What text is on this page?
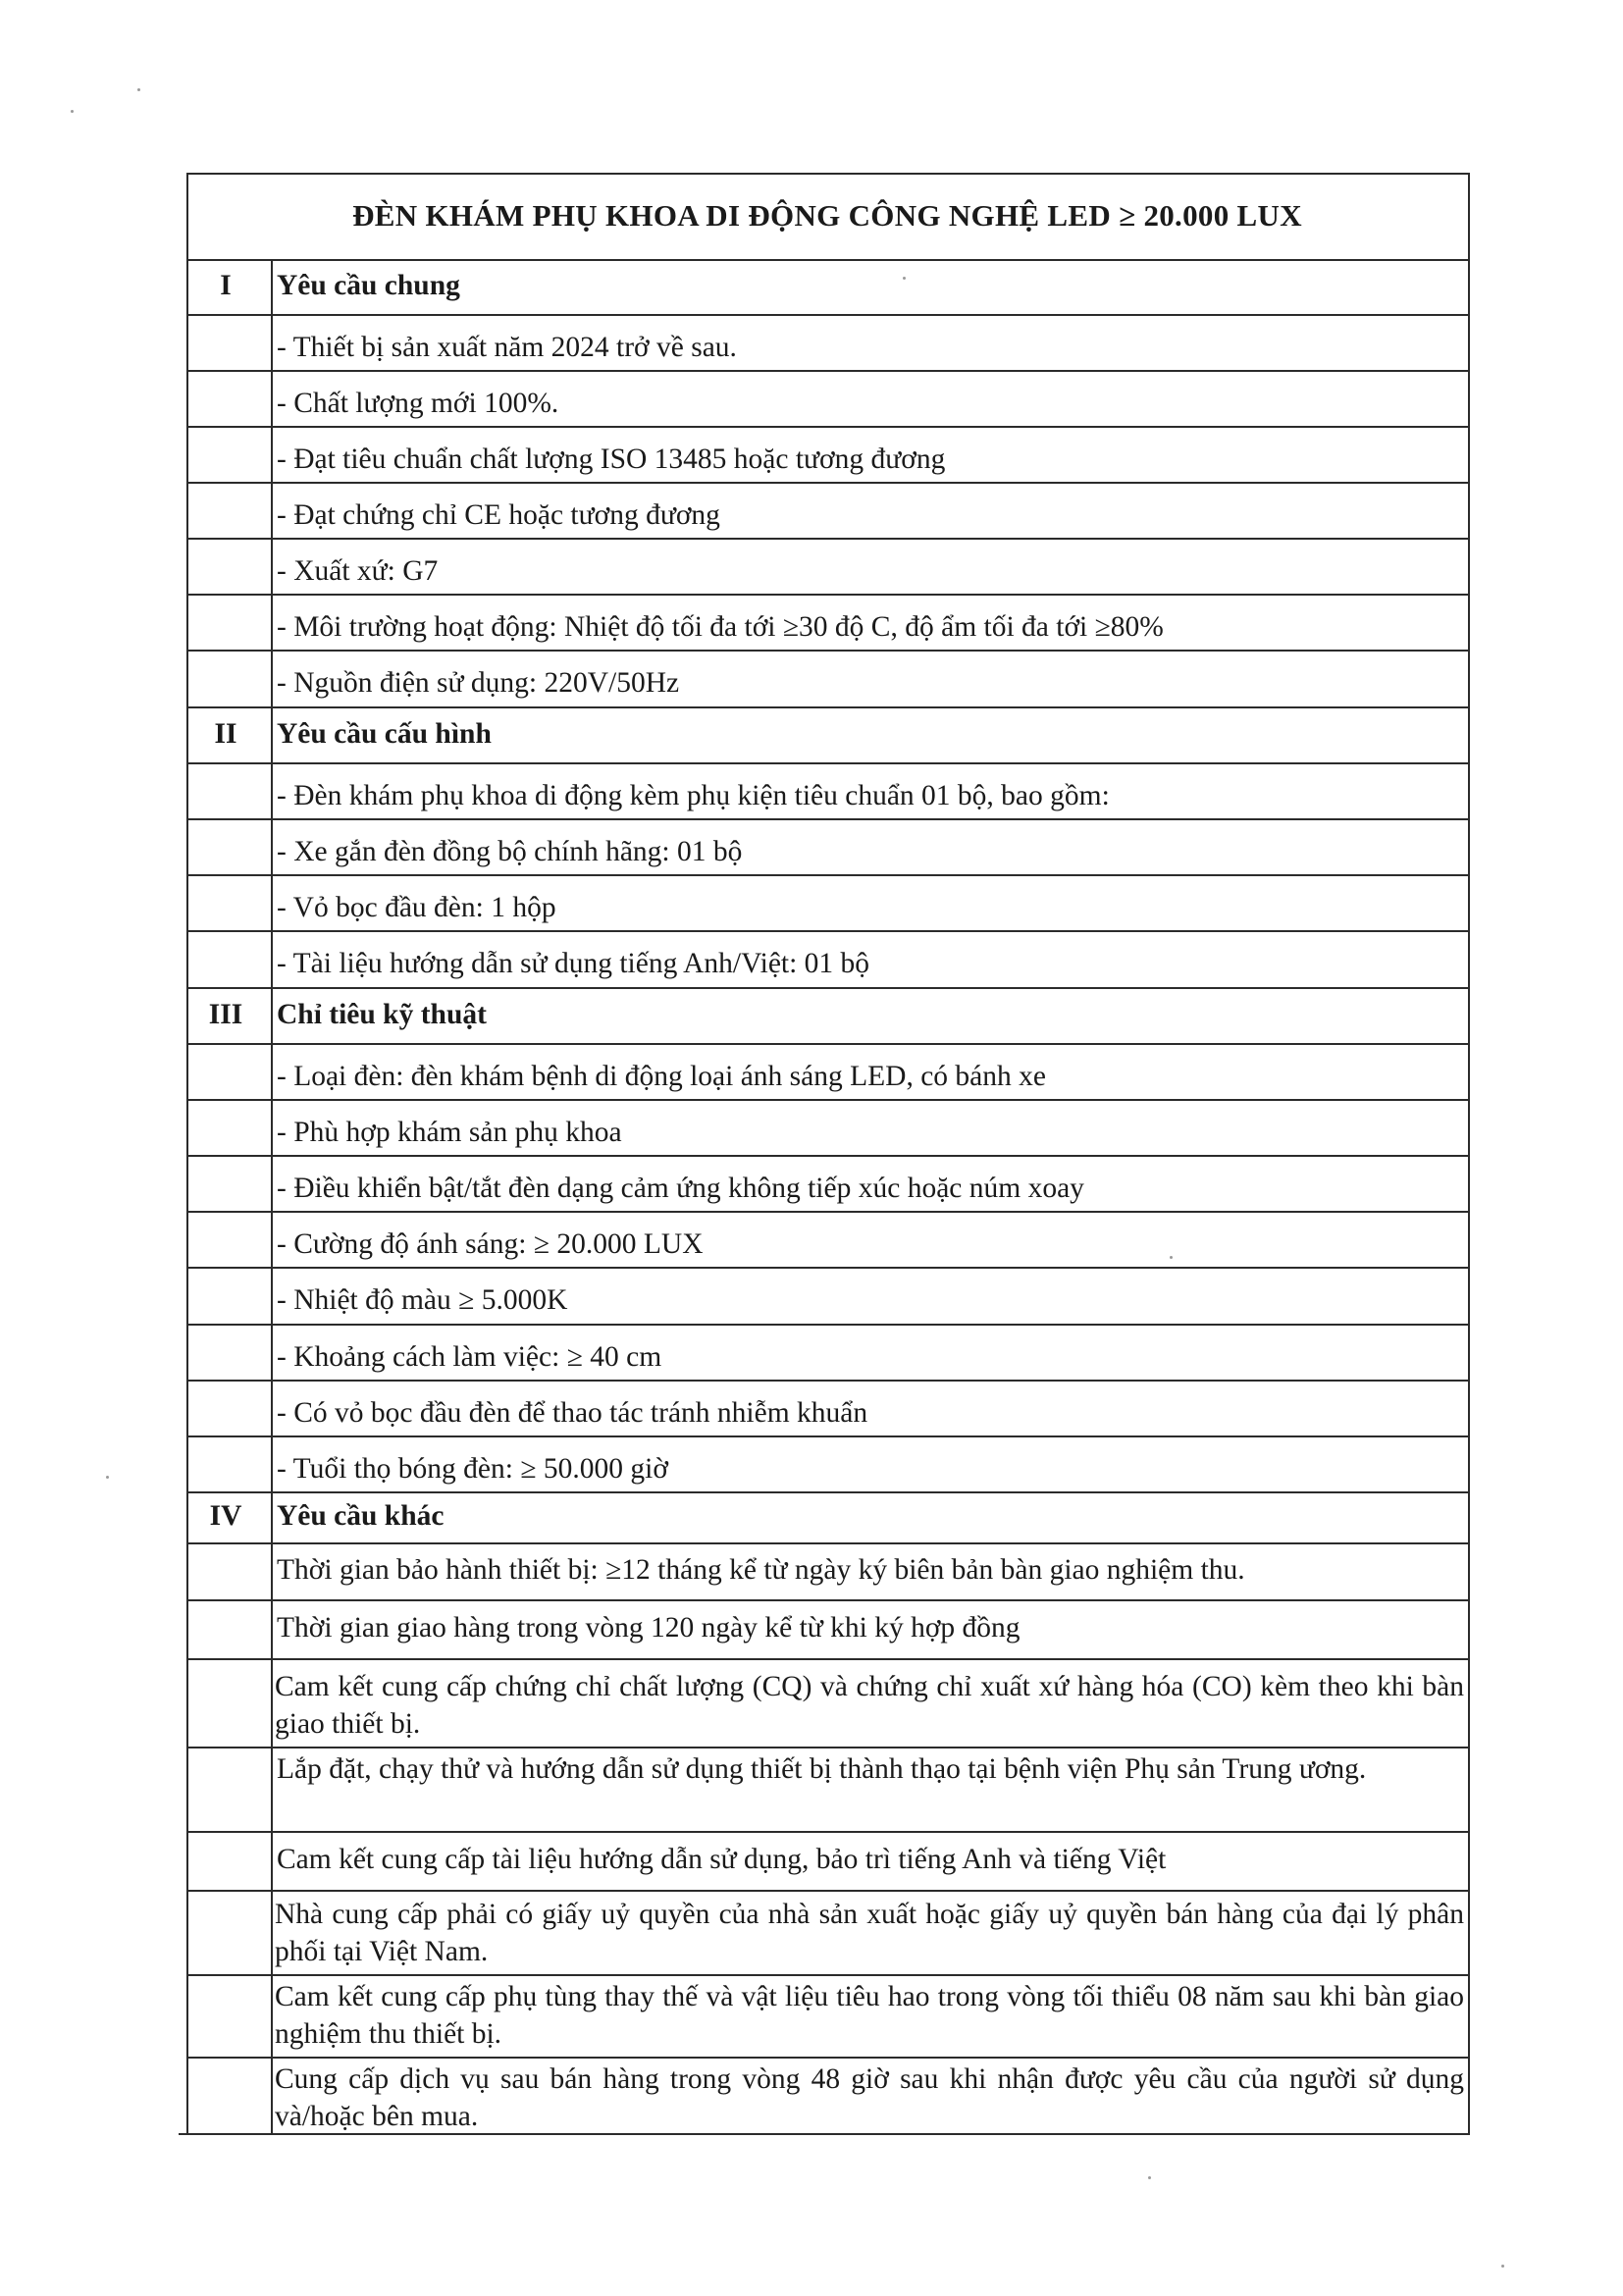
ĐÈN KHÁM PHỤ KHOA DI ĐỘNG CÔNG NGHỆ LED ≥ 20.000 LUX
I	Yêu cầu chung
- Thiết bị sản xuất năm 2024 trở về sau.
- Chất lượng mới 100%.
- Đạt tiêu chuẩn chất lượng ISO 13485 hoặc tương đương
- Đạt chứng chỉ CE hoặc tương đương
- Xuất xứ: G7
- Môi trường hoạt động: Nhiệt độ tối đa tới ≥30 độ C, độ ẩm tối đa tới ≥80%
- Nguồn điện sử dụng: 220V/50Hz
II	Yêu cầu cấu hình
- Đèn khám phụ khoa di động kèm phụ kiện tiêu chuẩn 01 bộ, bao gồm:
- Xe gắn đèn đồng bộ chính hãng: 01 bộ
- Vỏ bọc đầu đèn: 1 hộp
- Tài liệu hướng dẫn sử dụng tiếng Anh/Việt: 01 bộ
III	Chỉ tiêu kỹ thuật
- Loại đèn: đèn khám bệnh di động loại ánh sáng LED, có bánh xe
- Phù hợp khám sản phụ khoa
- Điều khiển bật/tắt đèn dạng cảm ứng không tiếp xúc hoặc núm xoay
- Cường độ ánh sáng: ≥ 20.000 LUX
- Nhiệt độ màu ≥ 5.000K
- Khoảng cách làm việc: ≥ 40 cm
- Có vỏ bọc đầu đèn để thao tác tránh nhiễm khuẩn
- Tuổi thọ bóng đèn: ≥ 50.000 giờ
IV	Yêu cầu khác
Thời gian bảo hành thiết bị: ≥12 tháng kể từ ngày ký biên bản bàn giao nghiệm thu.
Thời gian giao hàng trong vòng 120 ngày kể từ khi ký hợp đồng
Cam kết cung cấp chứng chỉ chất lượng (CQ) và chứng chỉ xuất xứ hàng hóa (CO) kèm theo khi bàn giao thiết bị.
Lắp đặt, chạy thử và hướng dẫn sử dụng thiết bị thành thạo tại bệnh viện Phụ sản Trung ương.
Cam kết cung cấp tài liệu hướng dẫn sử dụng, bảo trì tiếng Anh và tiếng Việt
Nhà cung cấp phải có giấy uỷ quyền của nhà sản xuất hoặc giấy uỷ quyền bán hàng của đại lý phân phối tại Việt Nam.
Cam kết cung cấp phụ tùng thay thế và vật liệu tiêu hao trong vòng tối thiểu 08 năm sau khi bàn giao nghiệm thu thiết bị.
Cung cấp dịch vụ sau bán hàng trong vòng 48 giờ sau khi nhận được yêu cầu của người sử dụng và/hoặc bên mua.
